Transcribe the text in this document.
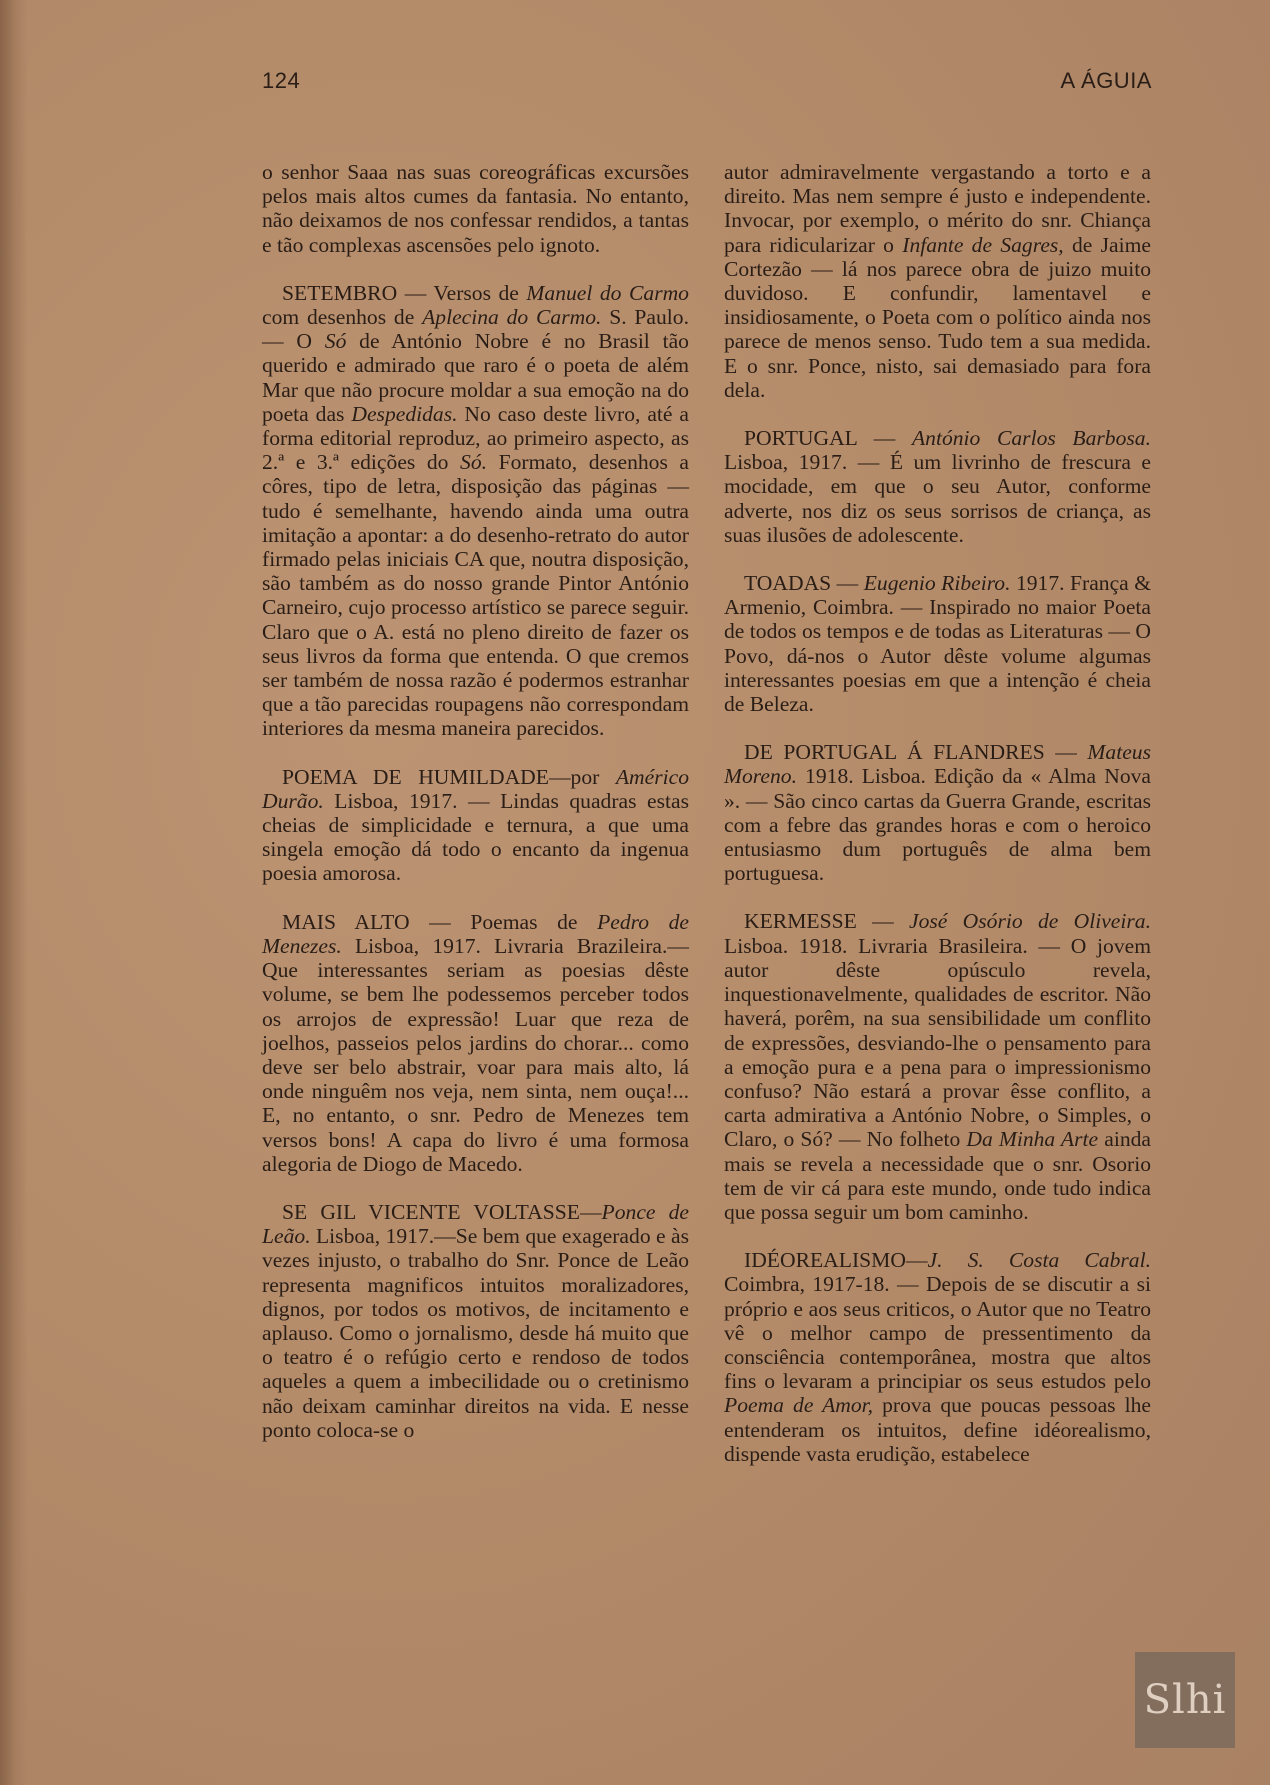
124	A ÁGUIA

o senhor Saaa nas suas coreográficas excursões pelos mais altos cumes da fantasia. No entanto, não deixamos de nos confessar rendidos, a tantas e tão complexas ascensões pelo ignoto.

SETEMBRO — Versos de Manuel do Carmo com desenhos de Aplecina do Carmo. S. Paulo. — O Só de António Nobre é no Brasil tão querido e admirado que raro é o poeta de além Mar que não procure moldar a sua emoção na do poeta das Despedidas. No caso deste livro, até a forma editorial reproduz, ao primeiro aspecto, as 2.ª e 3.ª edições do Só. Formato, desenhos a côres, tipo de letra, disposição das páginas — tudo é semelhante, havendo ainda uma outra imitação a apontar: a do desenho-retrato do autor firmado pelas iniciais CA que, noutra disposição, são também as do nosso grande Pintor António Carneiro, cujo processo artístico se parece seguir. Claro que o A. está no pleno direito de fazer os seus livros da forma que entenda. O que cremos ser também de nossa razão é podermos estranhar que a tão parecidas roupagens não correspondam interiores da mesma maneira parecidos.

POEMA DE HUMILDADE—por Américo Durão. Lisboa, 1917. — Lindas quadras estas cheias de simplicidade e ternura, a que uma singela emoção dá todo o encanto da ingenua poesia amorosa.

MAIS ALTO — Poemas de Pedro de Menezes. Lisboa, 1917. Livraria Brazileira.— Que interessantes seriam as poesias dêste volume, se bem lhe podessemos perceber todos os arrojos de expressão! Luar que reza de joelhos, passeios pelos jardins do chorar... como deve ser belo abstrair, voar para mais alto, lá onde ninguêm nos veja, nem sinta, nem ouça!... E, no entanto, o snr. Pedro de Menezes tem versos bons! A capa do livro é uma formosa alegoria de Diogo de Macedo.

SE GIL VICENTE VOLTASSE—Ponce de Leão. Lisboa, 1917.—Se bem que exagerado e às vezes injusto, o trabalho do Snr. Ponce de Leão representa magnificos intuitos moralizadores, dignos, por todos os motivos, de incitamento e aplauso. Como o jornalismo, desde há muito que o teatro é o refúgio certo e rendoso de todos aqueles a quem a imbecilidade ou o cretinismo não deixam caminhar direitos na vida. E nesse ponto coloca-se o

autor admiravelmente vergastando a torto e a direito. Mas nem sempre é justo e independente. Invocar, por exemplo, o mérito do snr. Chiança para ridicularizar o Infante de Sagres, de Jaime Cortezão — lá nos parece obra de juizo muito duvidoso. E confundir, lamentavel e insidiosamente, o Poeta com o político ainda nos parece de menos senso. Tudo tem a sua medida. E o snr. Ponce, nisto, sai demasiado para fora dela.

PORTUGAL — António Carlos Barbosa. Lisboa, 1917. — É um livrinho de frescura e mocidade, em que o seu Autor, conforme adverte, nos diz os seus sorrisos de criança, as suas ilusões de adolescente.

TOADAS — Eugenio Ribeiro. 1917. França & Armenio, Coimbra. — Inspirado no maior Poeta de todos os tempos e de todas as Literaturas — O Povo, dá-nos o Autor dêste volume algumas interessantes poesias em que a intenção é cheia de Beleza.

DE PORTUGAL Á FLANDRES — Mateus Moreno. 1918. Lisboa. Edição da « Alma Nova ». — São cinco cartas da Guerra Grande, escritas com a febre das grandes horas e com o heroico entusiasmo dum português de alma bem portuguesa.

KERMESSE — José Osório de Oliveira. Lisboa. 1918. Livraria Brasileira. — O jovem autor dêste opúsculo revela, inquestionavelmente, qualidades de escritor. Não haverá, porêm, na sua sensibilidade um conflito de expressões, desviando-lhe o pensamento para a emoção pura e a pena para o impressionismo confuso? Não estará a provar êsse conflito, a carta admirativa a António Nobre, o Simples, o Claro, o Só? — No folheto Da Minha Arte ainda mais se revela a necessidade que o snr. Osorio tem de vir cá para este mundo, onde tudo indica que possa seguir um bom caminho.

IDÉOREALISMO—J. S. Costa Cabral. Coimbra, 1917-18. — Depois de se discutir a si próprio e aos seus criticos, o Autor que no Teatro vê o melhor campo de pressentimento da consciência contemporânea, mostra que altos fins o levaram a principiar os seus estudos pelo Poema de Amor, prova que poucas pessoas lhe entenderam os intuitos, define idéorealismo, dispende vasta erudição, estabelece

Slhi
